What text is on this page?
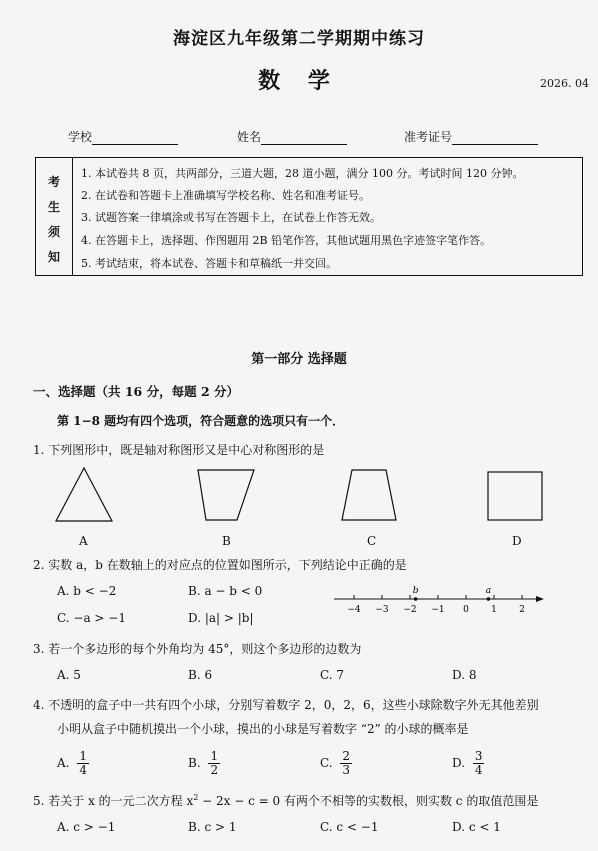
海淀区九年级第二学期期中练习
数 学	2026. 04
学校	姓名	准考证号
考
生
须
知
1. 本试卷共 8 页，共两部分，三道大题，28 道小题，满分 100 分。考试时间 120 分钟。
2. 在试卷和答题卡上准确填写学校名称、姓名和准考证号。
3. 试题答案一律填涂或书写在答题卡上，在试卷上作答无效。
4. 在答题卡上，选择题、作图题用 2B 铅笔作答，其他试题用黑色字迹签字笔作答。
5. 考试结束，将本试卷、答题卡和草稿纸一并交回。
第一部分 选择题
一、选择题（共 16 分，每题 2 分）
第 1−8 题均有四个选项，符合题意的选项只有一个．
1. 下列图形中，既是轴对称图形又是中心对称图形的是
A	B	C	D
2. 实数 a，b 在数轴上的对应点的位置如图所示，下列结论中正确的是
A. b < −2	B. a − b < 0
C. −a > −1	D. |a| > |b|
−4 −3 −2 −1 0 1 2
b	a
3. 若一个多边形的每个外角均为 45°，则这个多边形的边数为
A. 5	B. 6	C. 7	D. 8
4. 不透明的盒子中一共有四个小球，分别写着数字 2，0，2，6，这些小球除数字外无其他差别
小明从盒子中随机摸出一个小球，摸出的小球是写着数字 “2” 的小球的概率是
A. $\frac{1}{4}$	B. $\frac{1}{2}$	C. $\frac{2}{3}$	D. $\frac{3}{4}$
5. 若关于 x 的一元二次方程 $x^2 - 2x - c = 0$ 有两个不相等的实数根，则实数 c 的取值范围是
A. c > −1	B. c > 1	C. c < −1	D. c < 1
